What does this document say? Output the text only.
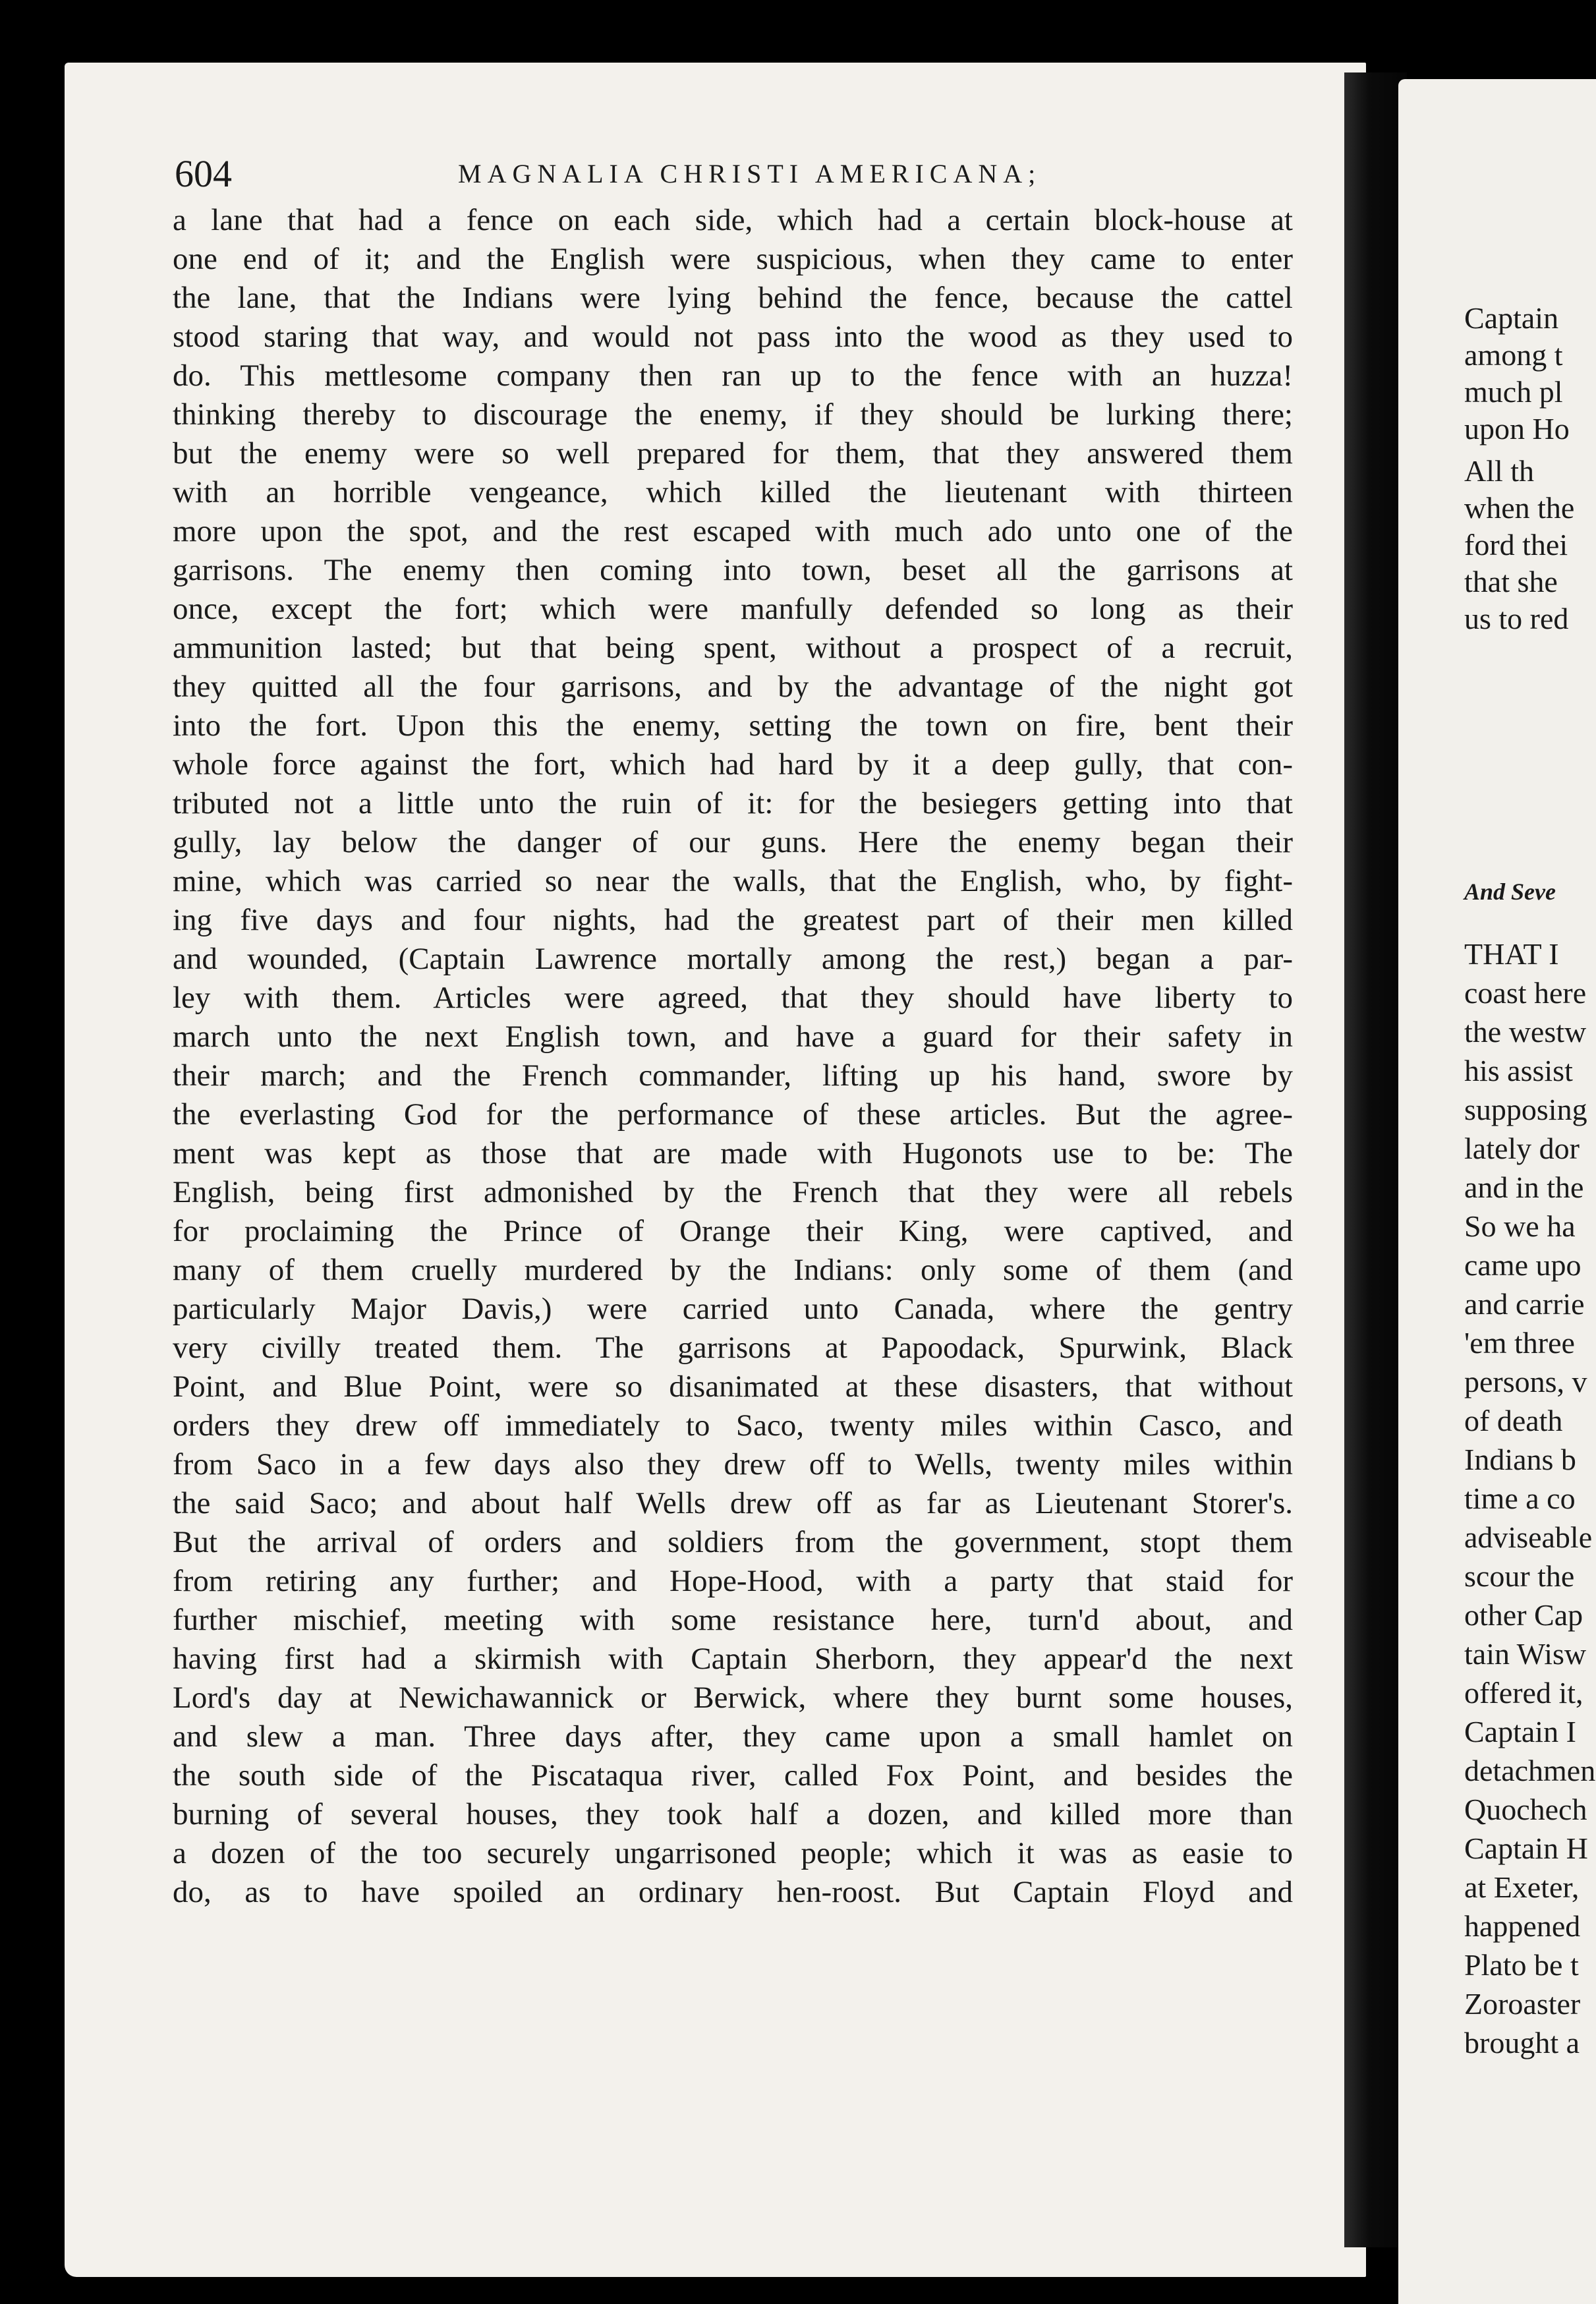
Captain
among t
much pl
upon Ho
All th
when the
ford thei
that she
us to red
And Seve
THAT I
coast here
the westw
his assist
supposing
lately dor
and in the
So we ha
came upo
and carrie
'em three
persons, v
of death
Indians b
time a co
adviseable
scour the
other Cap
tain Wisw
offered it,
Captain I
detachmen
Quochech
Captain H
at Exeter,
happened
Plato be t
Zoroaster
brought a
604	MAGNALIA CHRISTI AMERICANA;
a lane that had a fence on each side, which had a certain block-house at
one end of it; and the English were suspicious, when they came to enter
the lane, that the Indians were lying behind the fence, because the cattel
stood staring that way, and would not pass into the wood as they used to
do. This mettlesome company then ran up to the fence with an huzza!
thinking thereby to discourage the enemy, if they should be lurking there;
but the enemy were so well prepared for them, that they answered them
with an horrible vengeance, which killed the lieutenant with thirteen
more upon the spot, and the rest escaped with much ado unto one of the
garrisons. The enemy then coming into town, beset all the garrisons at
once, except the fort; which were manfully defended so long as their
ammunition lasted; but that being spent, without a prospect of a recruit,
they quitted all the four garrisons, and by the advantage of the night got
into the fort. Upon this the enemy, setting the town on fire, bent their
whole force against the fort, which had hard by it a deep gully, that con-
tributed not a little unto the ruin of it: for the besiegers getting into that
gully, lay below the danger of our guns. Here the enemy began their
mine, which was carried so near the walls, that the English, who, by fight-
ing five days and four nights, had the greatest part of their men killed
and wounded, (Captain Lawrence mortally among the rest,) began a par-
ley with them. Articles were agreed, that they should have liberty to
march unto the next English town, and have a guard for their safety in
their march; and the French commander, lifting up his hand, swore by
the everlasting God for the performance of these articles. But the agree-
ment was kept as those that are made with Hugonots use to be: The
English, being first admonished by the French that they were all rebels
for proclaiming the Prince of Orange their King, were captived, and
many of them cruelly murdered by the Indians: only some of them (and
particularly Major Davis,) were carried unto Canada, where the gentry
very civilly treated them. The garrisons at Papoodack, Spurwink, Black
Point, and Blue Point, were so disanimated at these disasters, that without
orders they drew off immediately to Saco, twenty miles within Casco, and
from Saco in a few days also they drew off to Wells, twenty miles within
the said Saco; and about half Wells drew off as far as Lieutenant Storer's.
But the arrival of orders and soldiers from the government, stopt them
from retiring any further; and Hope-Hood, with a party that staid for
further mischief, meeting with some resistance here, turn'd about, and
having first had a skirmish with Captain Sherborn, they appear'd the next
Lord's day at Newichawannick or Berwick, where they burnt some houses,
and slew a man. Three days after, they came upon a small hamlet on
the south side of the Piscataqua river, called Fox Point, and besides the
burning of several houses, they took half a dozen, and killed more than
a dozen of the too securely ungarrisoned people; which it was as easie to
do, as to have spoiled an ordinary hen-roost. But Captain Floyd and
